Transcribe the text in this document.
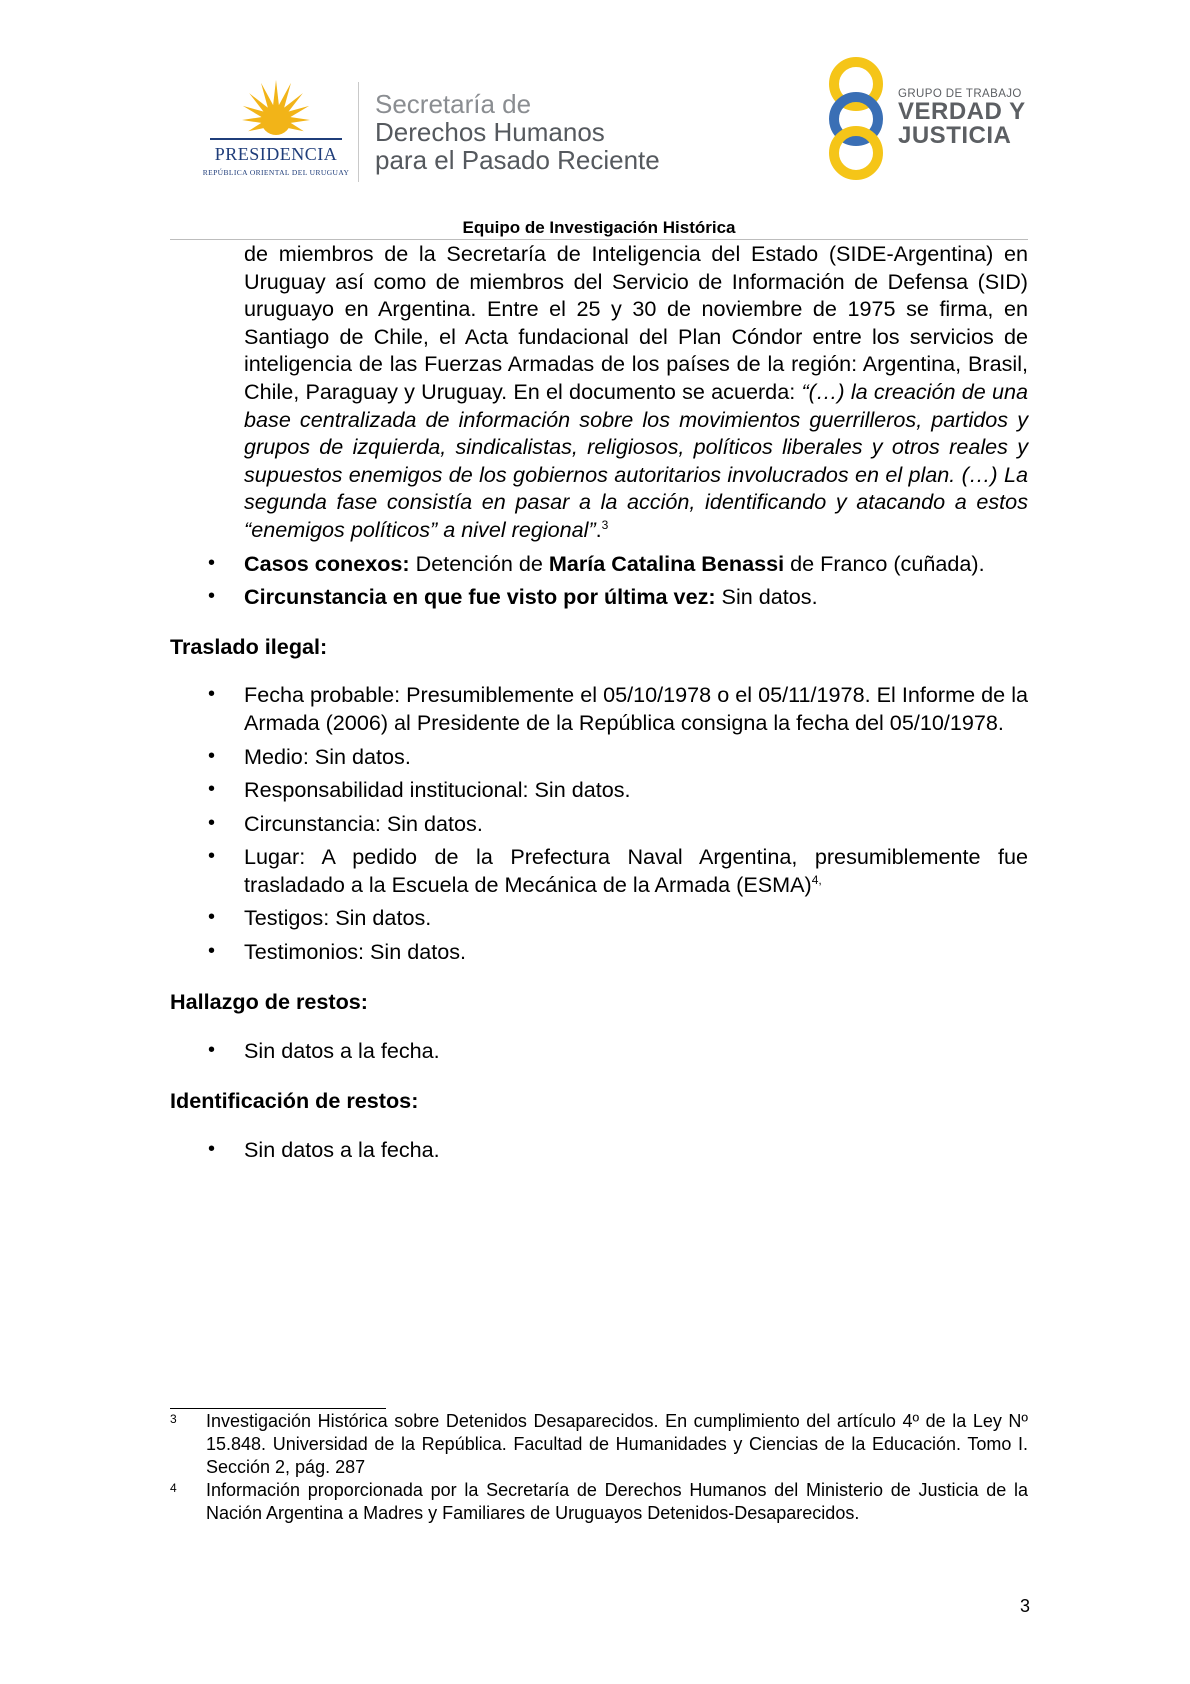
PRESIDENCIA
REPÚBLICA ORIENTAL DEL URUGUAY
Secretaría de
Derechos Humanos
para el Pasado Reciente
GRUPO DE TRABAJO
VERDAD Y
JUSTICIA
Equipo de Investigación Histórica
de miembros de la Secretaría de Inteligencia del Estado (SIDE-Argentina) en Uruguay así como de miembros del Servicio de Información de Defensa (SID) uruguayo en Argentina. Entre el 25 y 30 de noviembre de 1975 se firma, en Santiago de Chile, el Acta fundacional del Plan Cóndor entre los servicios de inteligencia de las Fuerzas Armadas de los países de la región: Argentina, Brasil, Chile, Paraguay y Uruguay. En el documento se acuerda: “(…) la creación de una base centralizada de información sobre los movimientos guerrilleros, partidos y grupos de izquierda, sindicalistas, religiosos, políticos liberales y otros reales y supuestos enemigos de los gobiernos autoritarios involucrados en el plan. (…) La segunda fase consistía en pasar a la acción, identificando y atacando a estos “enemigos políticos” a nivel regional”.$^3$
• Casos conexos: Detención de María Catalina Benassi de Franco (cuñada).
• Circunstancia en que fue visto por última vez: Sin datos.
Traslado ilegal:
• Fecha probable: Presumiblemente el 05/10/1978 o el 05/11/1978. El Informe de la Armada (2006) al Presidente de la República consigna la fecha del 05/10/1978.
• Medio: Sin datos.
• Responsabilidad institucional: Sin datos.
• Circunstancia: Sin datos.
• Lugar: A pedido de la Prefectura Naval Argentina, presumiblemente fue trasladado a la Escuela de Mecánica de la Armada (ESMA)$^{4,}$
• Testigos: Sin datos.
• Testimonios: Sin datos.
Hallazgo de restos:
• Sin datos a la fecha.
Identificación de restos:
• Sin datos a la fecha.
3 Investigación Histórica sobre Detenidos Desaparecidos. En cumplimiento del artículo 4º de la Ley Nº 15.848. Universidad de la República. Facultad de Humanidades y Ciencias de la Educación. Tomo I. Sección 2, pág. 287
4 Información proporcionada por la Secretaría de Derechos Humanos del Ministerio de Justicia de la Nación Argentina a Madres y Familiares de Uruguayos Detenidos-Desaparecidos.
3
